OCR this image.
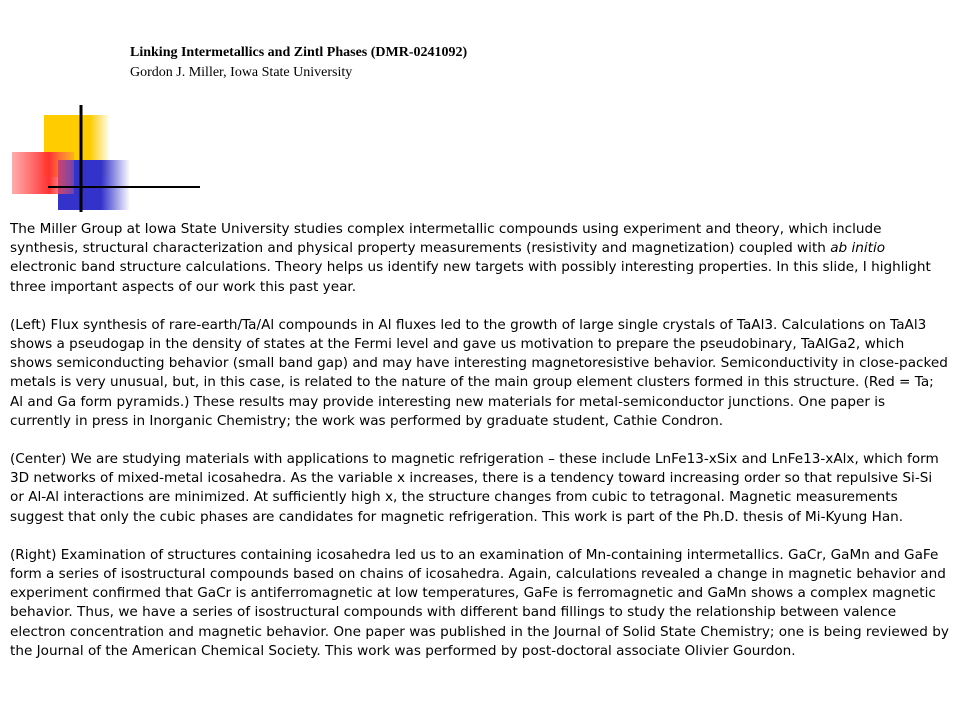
Linking Intermetallics and Zintl Phases (DMR-0241092)
Gordon J. Miller, Iowa State University

The Miller Group at Iowa State University studies complex intermetallic compounds using experiment and theory, which include synthesis, structural characterization and physical property measurements (resistivity and magnetization) coupled with ab initio electronic band structure calculations. Theory helps us identify new targets with possibly interesting properties. In this slide, I highlight three important aspects of our work this past year.

(Left) Flux synthesis of rare-earth/Ta/Al compounds in Al fluxes led to the growth of large single crystals of TaAl3. Calculations on TaAl3 shows a pseudogap in the density of states at the Fermi level and gave us motivation to prepare the pseudobinary, TaAlGa2, which shows semiconducting behavior (small band gap) and may have interesting magnetoresistive behavior. Semiconductivity in close-packed metals is very unusual, but, in this case, is related to the nature of the main group element clusters formed in this structure. (Red = Ta; Al and Ga form pyramids.) These results may provide interesting new materials for metal-semiconductor junctions. One paper is currently in press in Inorganic Chemistry; the work was performed by graduate student, Cathie Condron.

(Center) We are studying materials with applications to magnetic refrigeration – these include LnFe13-xSix and LnFe13-xAlx, which form 3D networks of mixed-metal icosahedra. As the variable x increases, there is a tendency toward increasing order so that repulsive Si-Si or Al-Al interactions are minimized. At sufficiently high x, the structure changes from cubic to tetragonal. Magnetic measurements suggest that only the cubic phases are candidates for magnetic refrigeration. This work is part of the Ph.D. thesis of Mi-Kyung Han.

(Right) Examination of structures containing icosahedra led us to an examination of Mn-containing intermetallics. GaCr, GaMn and GaFe form a series of isostructural compounds based on chains of icosahedra. Again, calculations revealed a change in magnetic behavior and experiment confirmed that GaCr is antiferromagnetic at low temperatures, GaFe is ferromagnetic and GaMn shows a complex magnetic behavior. Thus, we have a series of isostructural compounds with different band fillings to study the relationship between valence electron concentration and magnetic behavior. One paper was published in the Journal of Solid State Chemistry; one is being reviewed by the Journal of the American Chemical Society. This work was performed by post-doctoral associate Olivier Gourdon.
